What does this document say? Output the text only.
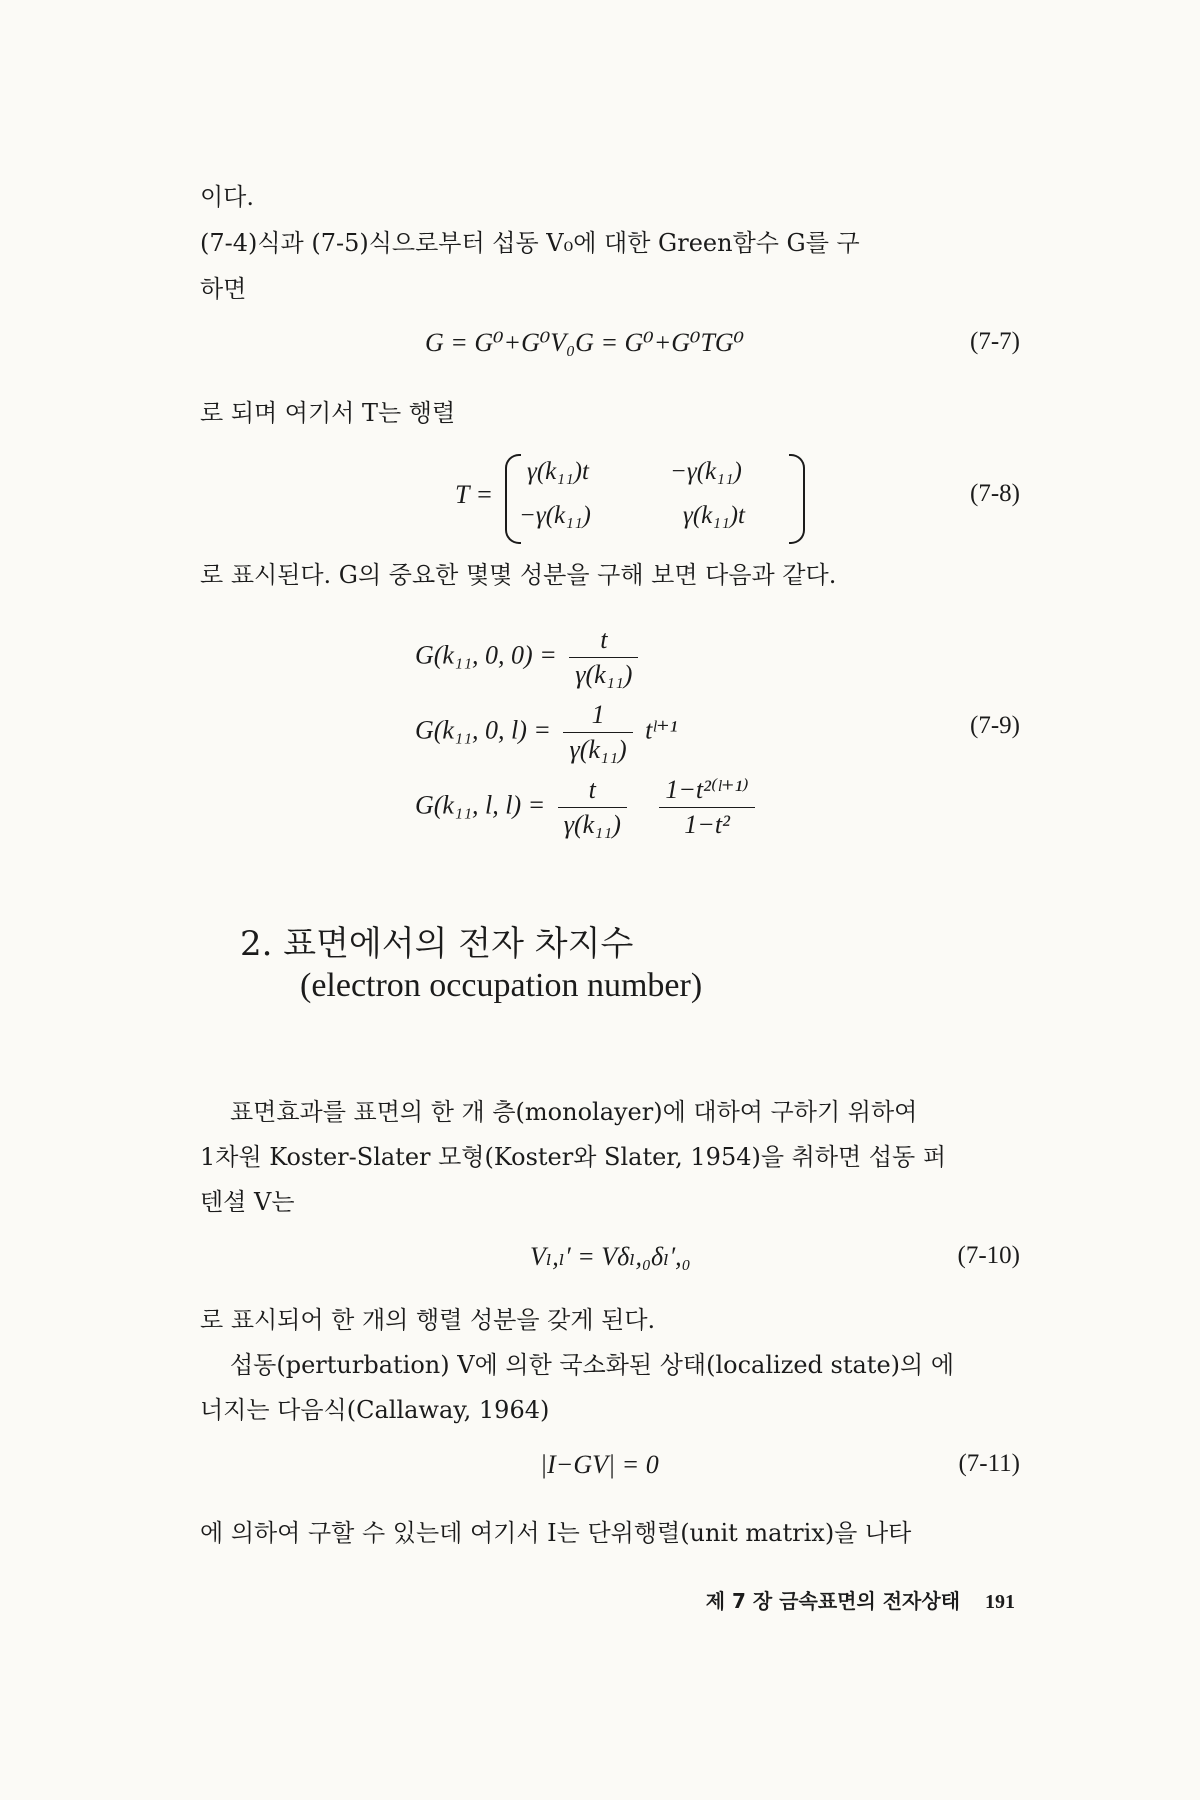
이다.
(7-4)식과 (7-5)식으로부터 섭동 V₀에 대한 Green함수 G를 구
하면
G = G⁰+G⁰V₀G = G⁰+G⁰TG⁰	(7-7)
로 되며 여기서 T는 행렬
T =
γ(k₁₁)t	−γ(k₁₁)
−γ(k₁₁)	γ(k₁₁)t
(7-8)
로 표시된다. G의 중요한 몇몇 성분을 구해 보면 다음과 같다.
G(k₁₁, 0, $0) = \frac{t}{\text{γ(k₁₁)}}$
G(k₁₁, 0, $l) = \frac{1}{\text{γ(k₁₁)}}$ tˡ⁺¹	(7-9)
G(k₁₁, l, $l) = \frac{t}{\text{γ(k₁₁)}}$
$\frac{\text{1−t²⁽ˡ⁺¹⁾}}{\text{1−t²}}$
2. 표면에서의 전자 차지수
(electron occupation number)
표면효과를 표면의 한 개 층(monolayer)에 대하여 구하기 위하여
1차원 Koster-Slater 모형(Koster와 Slater, 1954)을 취하면 섭동 퍼
텐셜 V는
Vₗ,ₗ′ = Vδₗ,₀δₗ′,₀	(7-10)
로 표시되어 한 개의 행렬 성분을 갖게 된다.
섭동(perturbation) V에 의한 국소화된 상태(localized state)의 에
너지는 다음식(Callaway, 1964)
|I−GV| = 0	(7-11)
에 의하여 구할 수 있는데 여기서 I는 단위행렬(unit matrix)을 나타
제 7 장 금속표면의 전자상태 191
